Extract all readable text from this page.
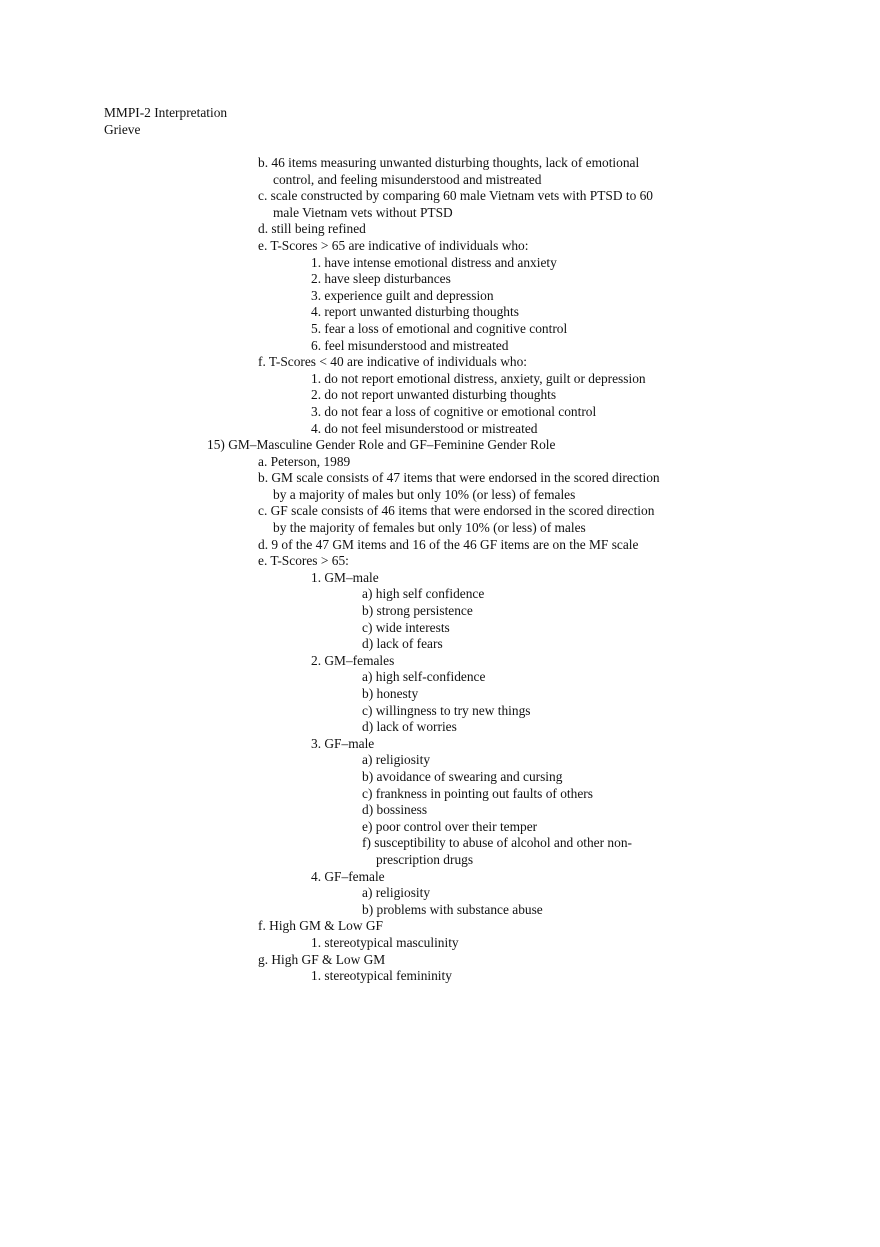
MMPI-2 Interpretation
Grieve
b. 46 items measuring unwanted disturbing thoughts, lack of emotional
control, and feeling misunderstood and mistreated
c. scale constructed by comparing 60 male Vietnam vets with PTSD to 60
male Vietnam vets without PTSD
d. still being refined
e. T-Scores > 65 are indicative of individuals who:
1. have intense emotional distress and anxiety
2. have sleep disturbances
3. experience guilt and depression
4. report unwanted disturbing thoughts
5. fear a loss of emotional and cognitive control
6. feel misunderstood and mistreated
f. T-Scores < 40 are indicative of individuals who:
1. do not report emotional distress, anxiety, guilt or depression
2. do not report unwanted disturbing thoughts
3. do not fear a loss of cognitive or emotional control
4. do not feel misunderstood or mistreated
15) GM–Masculine Gender Role and GF–Feminine Gender Role
a. Peterson, 1989
b. GM scale consists of 47 items that were endorsed in the scored direction
by a majority of males but only 10% (or less) of females
c. GF scale consists of 46 items that were endorsed in the scored direction
by the majority of females but only 10% (or less) of males
d. 9 of the 47 GM items and 16 of the 46 GF items are on the MF scale
e. T-Scores > 65:
1. GM–male
a) high self confidence
b) strong persistence
c) wide interests
d) lack of fears
2. GM–females
a) high self-confidence
b) honesty
c) willingness to try new things
d) lack of worries
3. GF–male
a) religiosity
b) avoidance of swearing and cursing
c) frankness in pointing out faults of others
d) bossiness
e) poor control over their temper
f) susceptibility to abuse of alcohol and other non-
prescription drugs
4. GF–female
a) religiosity
b) problems with substance abuse
f. High GM & Low GF
1. stereotypical masculinity
g. High GF & Low GM
1. stereotypical femininity
